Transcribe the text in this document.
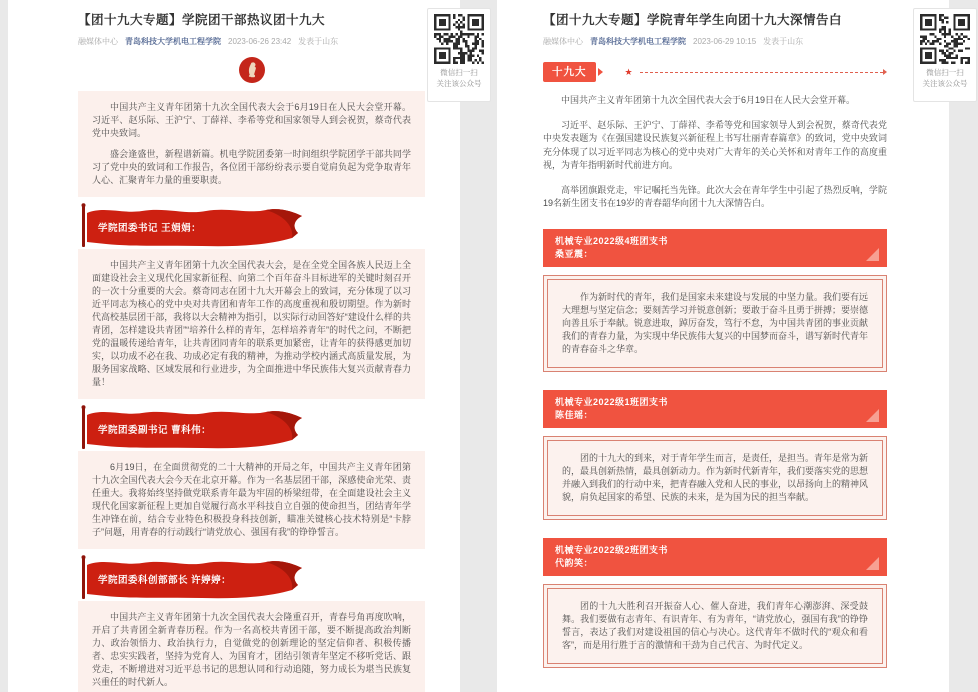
【团十九大专题】学院团干部热议团十九大
融媒体中心 青岛科技大学机电工程学院 2023-06-26 23:42 发表于山东

中国共产主义青年团第十九次全国代表大会于6月19日在人民大会堂开幕。习近平、赵乐际、王沪宁、丁薛祥、李希等党和国家领导人到会祝贺，蔡奇代表党中央致词。

盛会逢盛世，新程谱新篇。机电学院团委第一时间组织学院团学干部共同学习了党中央的致词和工作报告，各位团干部纷纷表示要自觉肩负起为党争取青年人心、汇聚青年力量的重要职责。

学院团委书记 王娟娟：

中国共产主义青年团第十九次全国代表大会，是在全党全国各族人民迈上全面建设社会主义现代化国家新征程、向第二个百年奋斗目标进军的关键时刻召开的一次十分重要的大会。蔡奇同志在团十九大开幕会上的致词，充分体现了以习近平同志为核心的党中央对共青团和青年工作的高度重视和殷切期望。作为新时代高校基层团干部，我将以大会精神为指引，以实际行动回答好“建设什么样的共青团，怎样建设共青团”“培养什么样的青年，怎样培养青年”的时代之问，不断把党的温暖传递给青年，让共青团同青年的联系更加紧密，让青年的获得感更加切实，以功成不必在我、功成必定有我的精神，为推动学校内涵式高质量发展，为服务国家战略、区域发展和行业进步，为全面推进中华民族伟大复兴贡献青春力量！

学院团委副书记 曹科伟：

6月19日，在全面贯彻党的二十大精神的开局之年，中国共产主义青年团第十九次全国代表大会今天在北京开幕。作为一名基层团干部，深感使命光荣、责任重大。我将始终坚持做党联系青年最为牢固的桥梁纽带，在全面建设社会主义现代化国家新征程上更加自觉履行高水平科技自立自强的使命担当，团结青年学生冲锋在前，结合专业特色积极投身科技创新，瞄准关键核心技术特别是“卡脖子”问题，用青春的行动践行“请党放心、强国有我”的铮铮誓言。

学院团委科创部部长 许婷婷：

中国共产主义青年团第十九次全国代表大会隆重召开，青春号角再度吹响，开启了共青团全新青春历程。作为一名高校共青团干部，要不断提高政治判断力、政治领悟力、政治执行力，自觉做党的创新理论的坚定信仰者、积极传播者、忠实实践者，坚持为党育人、为国育才，团结引领青年坚定不移听党话、跟党走，不断增进对习近平总书记的思想认同和行动追随，努力成长为堪当民族复兴重任的时代新人。

【团十九大专题】学院青年学生向团十九大深情告白
融媒体中心 青岛科技大学机电工程学院 2023-06-29 10:15 发表于山东
十九大	★

中国共产主义青年团第十九次全国代表大会于6月19日在人民大会堂开幕。

习近平、赵乐际、王沪宁、丁薛祥、李希等党和国家领导人到会祝贺，蔡奇代表党中央发表题为《在强国建设民族复兴新征程上书写壮丽青春篇章》的致词，党中央致词充分体现了以习近平同志为核心的党中央对广大青年的关心关怀和对青年工作的高度重视，为青年指明新时代前进方向。

高举团旗跟党走，牢记嘱托当先锋。此次大会在青年学生中引起了热烈反响，学院19名新生团支书在19岁的青春韶华向团十九大深情告白。

机械专业2022级4班团支书
桑亚震：

作为新时代的青年，我们是国家未来建设与发展的中坚力量。我们要有远大理想与坚定信念；要刻苦学习并锐意创新；要敢于奋斗且勇于拼搏；要崇德向善且乐于奉献。锐意进取，踔厉奋发，笃行不怠，为中国共青团的事业贡献我们的青春力量，为实现中华民族伟大复兴的中国梦而奋斗，谱写新时代青年的青春奋斗之华章。

机械专业2022级1班团支书
陈佳瑶：

团的十九大的到来，对于青年学生而言，是责任，是担当。青年是常为新的，最具创新热情，最具创新动力。作为新时代新青年，我们要落实党的思想并融入到我们的行动中来，把青春融入党和人民的事业，以昂扬向上的精神风貌，肩负起国家的希望、民族的未来，是为国为民的担当奉献。

机械专业2022级2班团支书
代韵笑：

团的十九大胜利召开振奋人心、催人奋进，我们青年心潮澎湃、深受鼓舞。我们要做有志青年、有识青年、有为青年，“请党放心，强国有我”的铮铮誓言，表达了我们对建设祖国的信心与决心。这代青年不做时代的“观众和看客”，而是用行胜于言的激情和干劲为自己代言、为时代定义。

微信扫一扫
关注该公众号
微信扫一扫
关注该公众号
